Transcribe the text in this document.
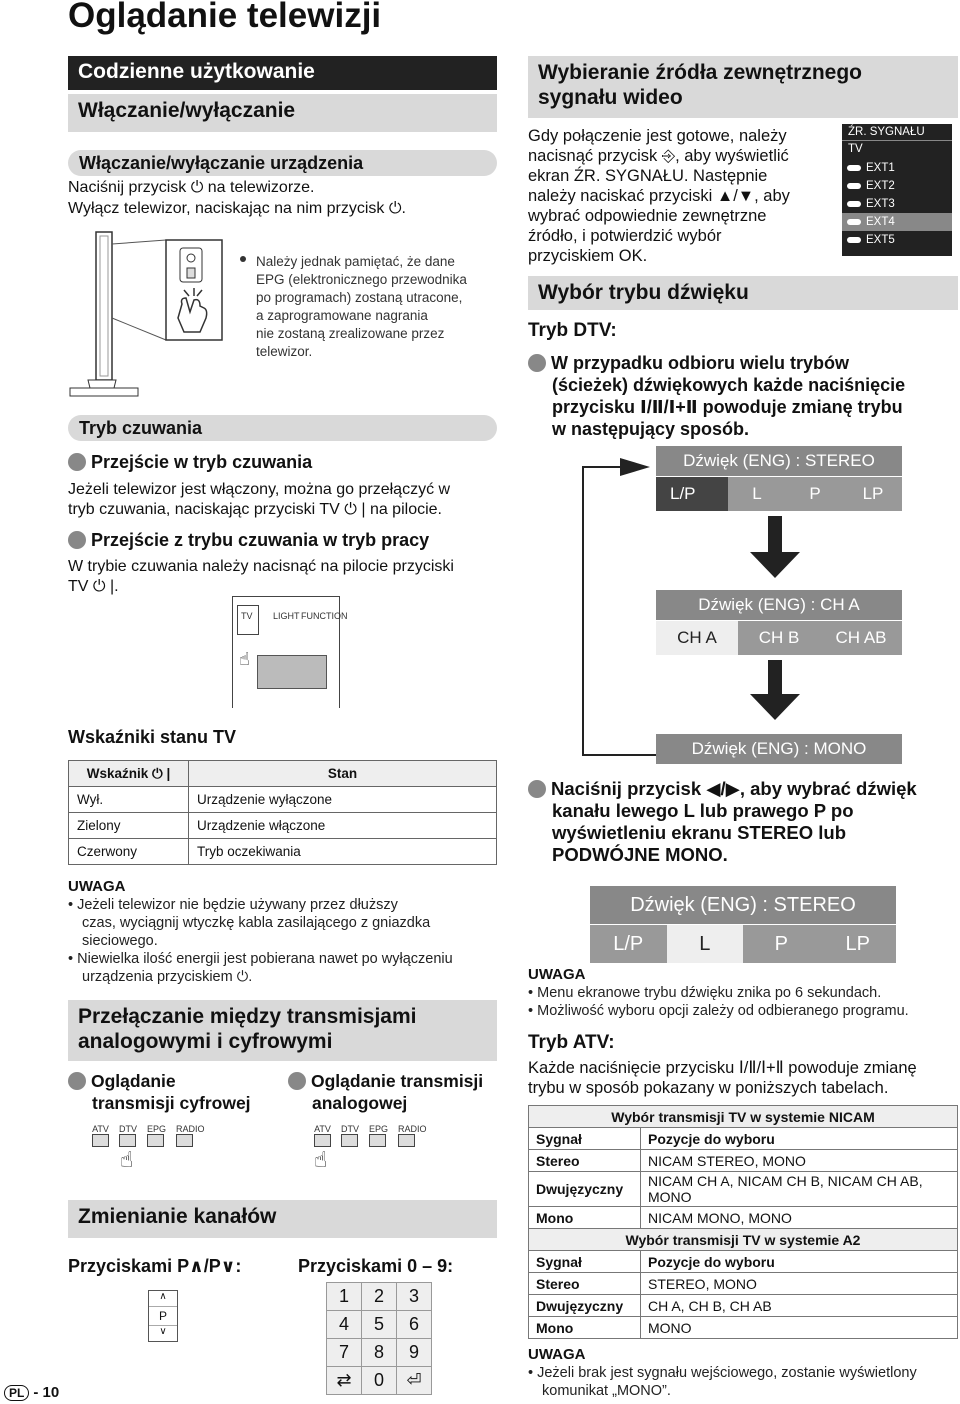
Oglądanie telewizji
Codzienne użytkowanie
Włączanie/wyłączanie
Włączanie/wyłączanie urządzenia
Naciśnij przycisk ⏻ na telewizorze.
Wyłącz telewizor, naciskając na nim przycisk ⏻.
Należy jednak pamiętać, że dane
EPG (elektronicznego przewodnika
po programach) zostaną utracone,
a zaprogramowane nagrania
nie zostaną zrealizowane przez
telewizor.
Tryb czuwania
Przejście w tryb czuwania
Jeżeli telewizor jest włączony, można go przełączyć w
tryb czuwania, naciskając przyciski TV ⏻ | na pilocie.
Przejście z trybu czuwania w tryb pracy
W trybie czuwania należy nacisnąć na pilocie przyciski
TV ⏻ |.
TV LIGHT FUNCTION
☝
Wskaźniki stanu TV
Wskaźnik ⏻ |	Stan
Wył.	Urządzenie wyłączone
Zielony	Urządzenie włączone
Czerwony	Tryb oczekiwania
UWAGA
• Jeżeli telewizor nie będzie używany przez dłuższy
czas, wyciągnij wtyczkę kabla zasilającego z gniazdka
sieciowego.
• Niewielka ilość energii jest pobierana nawet po wyłączeniu
urządzenia przyciskiem ⏻.
Przełączanie między transmisjami
analogowymi i cyfrowymi
Oglądanie
transmisji cyfrowej
Oglądanie transmisji
analogowej
ATV DTV EPG RADIO
☝
ATV DTV EPG RADIO
☝
Zmienianie kanałów
Przyciskami P∧/P∨:
∧
P
∨
Przyciskami 0 – 9:
1	2	3
4	5	6
7	8	9
⇄	0	⏎
PL - 10
Wybieranie źródła zewnętrznego
sygnału wideo
Gdy połączenie jest gotowe, należy
nacisnąć przycisk ⎆, aby wyświetlić
ekran ŹR. SYGNAŁU. Następnie
należy naciskać przyciski ▲/▼, aby
wybrać odpowiednie zewnętrzne
źródło, i potwierdzić wybór
przyciskiem OK.
ŹR. SYGNAŁU
TV
EXT1
EXT2
EXT3
EXT4
EXT5
Wybór trybu dźwięku
Tryb DTV:
W przypadku odbioru wielu trybów
(ścieżek) dźwiękowych każde naciśnięcie
przycisku Ⅰ/Ⅱ/Ⅰ+Ⅱ powoduje zmianę trybu
w następujący sposób.
Dźwięk (ENG) : STEREO
L/P	L	P	LP
Dźwięk (ENG) : CH A
CH A	CH B	CH AB
Dźwięk (ENG) : MONO
Naciśnij przycisk ◀/▶, aby wybrać dźwięk
kanału lewego L lub prawego P po
wyświetleniu ekranu STEREO lub
PODWÓJNE MONO.
Dźwięk (ENG) : STEREO
L/P	L	P	LP
UWAGA
• Menu ekranowe trybu dźwięku znika po 6 sekundach.
• Możliwość wyboru opcji zależy od odbieranego programu.
Tryb ATV:
Każde naciśnięcie przycisku Ⅰ/Ⅱ/Ⅰ+Ⅱ powoduje zmianę
trybu w sposób pokazany w poniższych tabelach.
Wybór transmisji TV w systemie NICAM	
Sygnał	Pozycje do wyboru
Stereo	NICAM STEREO, MONO
Dwujęzyczny	NICAM CH A, NICAM CH B, NICAM CH AB,
MONO
Mono	NICAM MONO, MONO
Wybór transmisji TV w systemie A2	
Sygnał	Pozycje do wyboru
Stereo	STEREO, MONO
Dwujęzyczny	CH A, CH B, CH AB
Mono	MONO
UWAGA
• Jeżeli brak jest sygnału wejściowego, zostanie wyświetlony
komunikat „MONO”.
